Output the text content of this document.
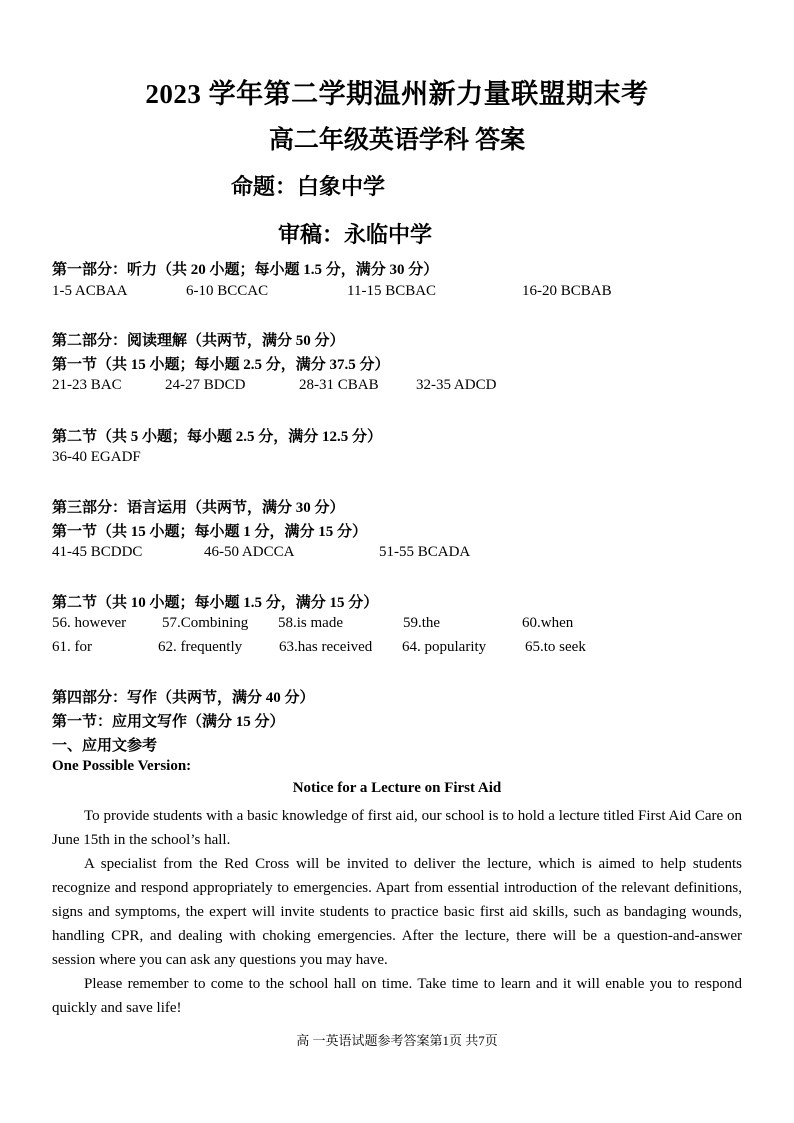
2023 学年第二学期温州新力量联盟期末考
高二年级英语学科 答案
命题：白象中学
审稿：永临中学
第一部分：听力（共 20 小题；每小题 1.5 分，满分 30 分）
1-5 ACBAA	6-10 BCCAC	11-15 BCBAC	16-20 BCBAB
第二部分：阅读理解（共两节，满分 50 分）
第一节（共 15 小题；每小题 2.5 分，满分 37.5 分）
21-23 BAC	24-27 BDCD	28-31 CBAB 32-35 ADCD
第二节（共 5 小题；每小题 2.5 分，满分 12.5 分）
36-40 EGADF
第三部分：语言运用（共两节，满分 30 分）
第一节（共 15 小题；每小题 1 分，满分 15 分）
41-45 BCDDC	46-50 ADCCA	51-55 BCADA
第二节（共 10 小题；每小题 1.5 分，满分 15 分）
56. however 57.Combining 58.is made	59.the	60.when
61. for	62. frequently 63.has received 64. popularity	65.to seek
第四部分：写作（共两节，满分 40 分）
第一节：应用文写作（满分 15 分）
一、应用文参考
One Possible Version:
Notice for a Lecture on First Aid
To provide students with a basic knowledge of first aid, our school is to hold a lecture titled First Aid Care on June 15th in the school’s hall.
A specialist from the Red Cross will be invited to deliver the lecture, which is aimed to help students recognize and respond appropriately to emergencies. Apart from essential introduction of the relevant definitions, signs and symptoms, the expert will invite students to practice basic first aid skills, such as bandaging wounds, handling CPR, and dealing with choking emergencies. After the lecture, there will be a question-and-answer session where you can ask any questions you may have.
Please remember to come to the school hall on time. Take time to learn and it will enable you to respond quickly and save life!
高 一英语试题参考答案第1页 共7页
